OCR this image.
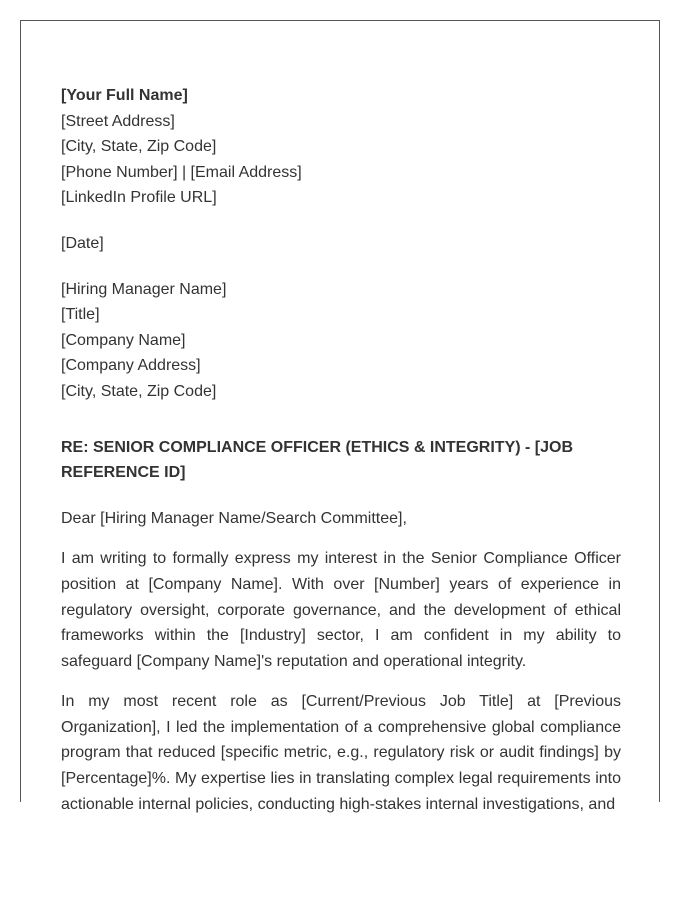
[Your Full Name]
[Street Address]
[City, State, Zip Code]
[Phone Number] | [Email Address]
[LinkedIn Profile URL]
[Date]
[Hiring Manager Name]
[Title]
[Company Name]
[Company Address]
[City, State, Zip Code]
RE: SENIOR COMPLIANCE OFFICER (ETHICS & INTEGRITY) - [JOB REFERENCE ID]
Dear [Hiring Manager Name/Search Committee],

I am writing to formally express my interest in the Senior Compliance Officer position at [Company Name]. With over [Number] years of experience in regulatory oversight, corporate governance, and the development of ethical frameworks within the [Industry] sector, I am confident in my ability to safeguard [Company Name]'s reputation and operational integrity.

In my most recent role as [Current/Previous Job Title] at [Previous Organization], I led the implementation of a comprehensive global compliance program that reduced [specific metric, e.g., regulatory risk or audit findings] by [Percentage]%. My expertise lies in translating complex legal requirements into actionable internal policies, conducting high-stakes internal investigations, and
